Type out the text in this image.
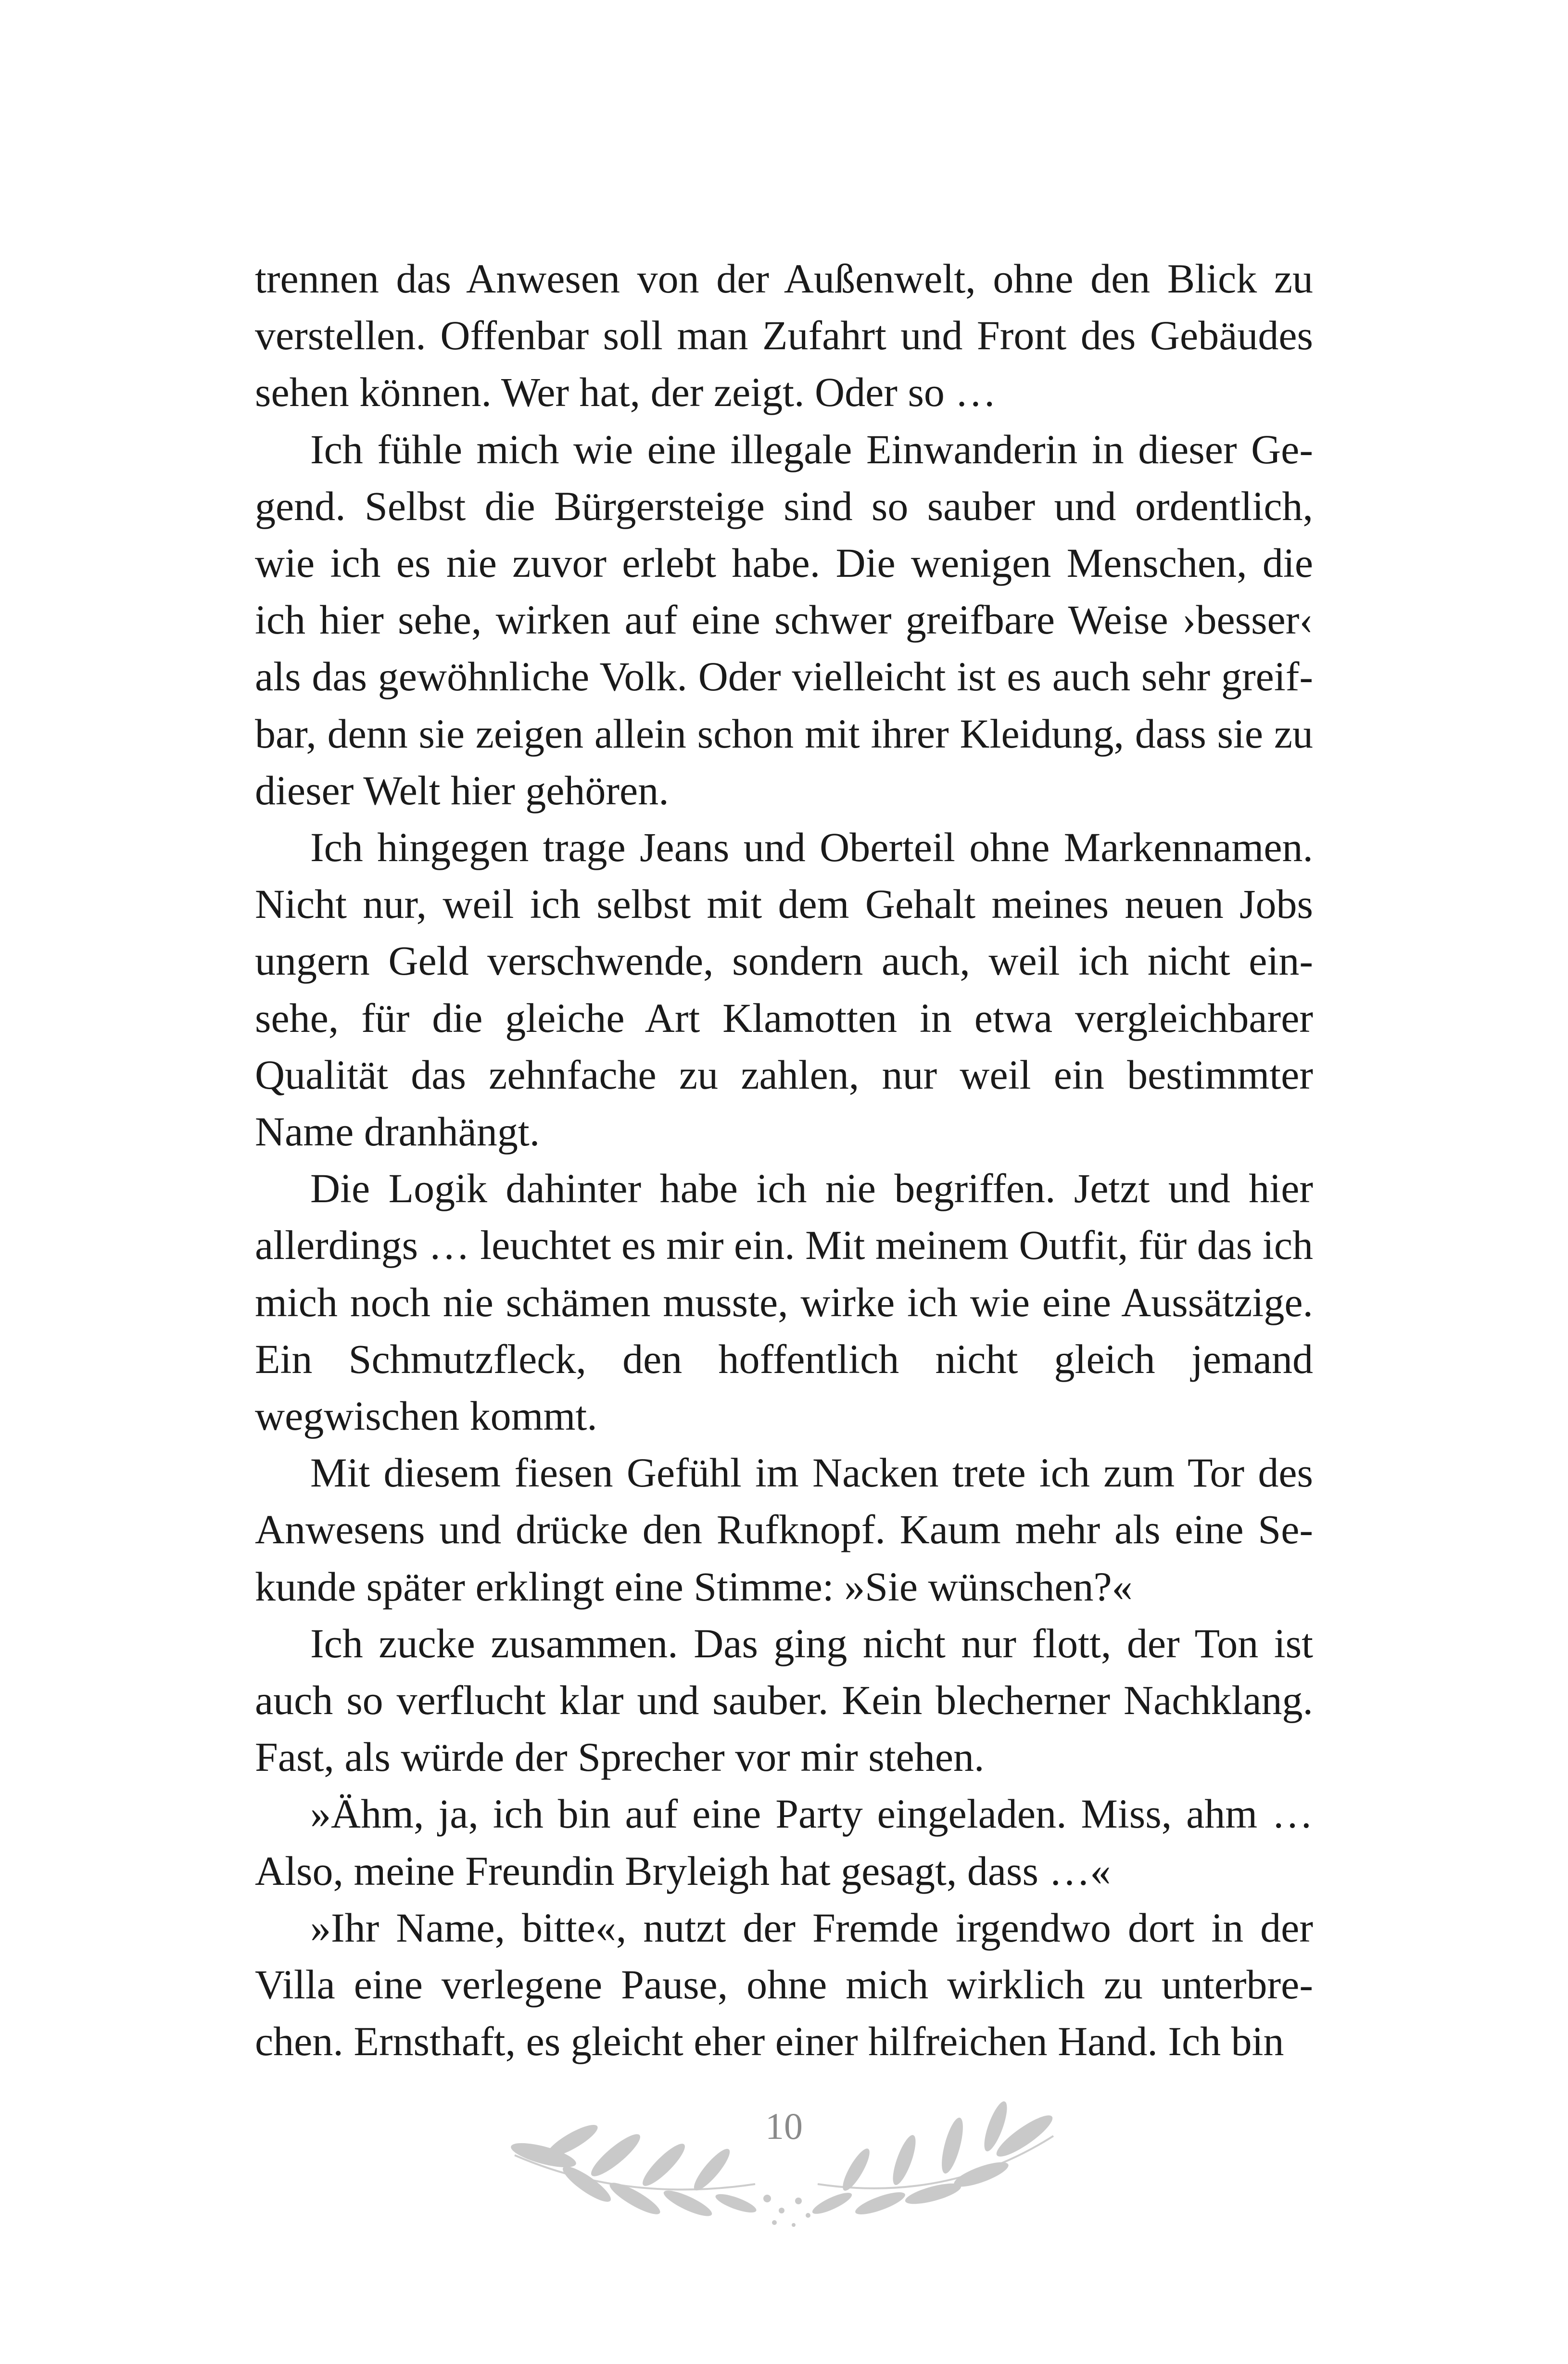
trennen das Anwesen von der Außenwelt, ohne den Blick zu verstellen. Offenbar soll man Zufahrt und Front des Gebäudes sehen können. Wer hat, der zeigt. Oder so …

Ich fühle mich wie eine illegale Einwanderin in dieser Gegend. Selbst die Bürgersteige sind so sauber und ordentlich, wie ich es nie zuvor erlebt habe. Die wenigen Menschen, die ich hier sehe, wirken auf eine schwer greifbare Weise ›besser‹ als das gewöhnliche Volk. Oder vielleicht ist es auch sehr greifbar, denn sie zeigen allein schon mit ihrer Kleidung, dass sie zu dieser Welt hier gehören.

Ich hingegen trage Jeans und Oberteil ohne Markennamen. Nicht nur, weil ich selbst mit dem Gehalt meines neuen Jobs ungern Geld verschwende, sondern auch, weil ich nicht einsehe, für die gleiche Art Klamotten in etwa vergleichbarer Qualität das zehnfache zu zahlen, nur weil ein bestimmter Name dranhängt.

Die Logik dahinter habe ich nie begriffen. Jetzt und hier allerdings … leuchtet es mir ein. Mit meinem Outfit, für das ich mich noch nie schämen musste, wirke ich wie eine Aussätzige. Ein Schmutzfleck, den hoffentlich nicht gleich jemand wegwischen kommt.

Mit diesem fiesen Gefühl im Nacken trete ich zum Tor des Anwesens und drücke den Rufknopf. Kaum mehr als eine Sekunde später erklingt eine Stimme: »Sie wünschen?«

Ich zucke zusammen. Das ging nicht nur flott, der Ton ist auch so verflucht klar und sauber. Kein blecherner Nachklang. Fast, als würde der Sprecher vor mir stehen.

»Ähm, ja, ich bin auf eine Party eingeladen. Miss, ahm … Also, meine Freundin Bryleigh hat gesagt, dass …«

»Ihr Name, bitte«, nutzt der Fremde irgendwo dort in der Villa eine verlegene Pause, ohne mich wirklich zu unterbrechen. Ernsthaft, es gleicht eher einer hilfreichen Hand. Ich bin

10
